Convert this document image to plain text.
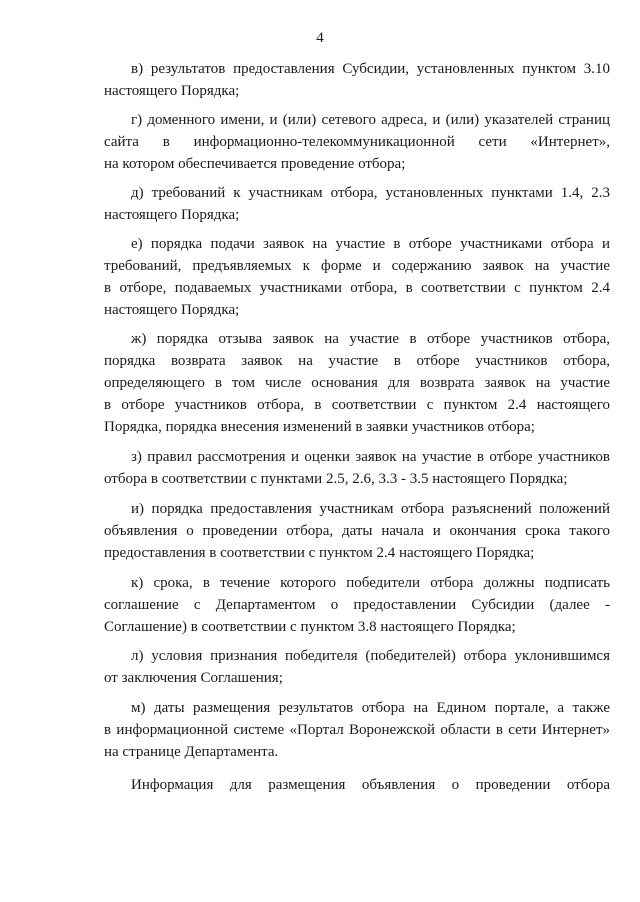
4
в) результатов предоставления Субсидии, установленных пунктом 3.10
настоящего Порядка;
г) доменного имени, и (или) сетевого адреса, и (или) указателей страниц
сайта в информационно-телекоммуникационной сети «Интернет»,
на котором обеспечивается проведение отбора;
д) требований к участникам отбора, установленных пунктами 1.4, 2.3
настоящего Порядка;
е) порядка подачи заявок на участие в отборе участниками отбора и
требований, предъявляемых к форме и содержанию заявок на участие
в отборе, подаваемых участниками отбора, в соответствии с пунктом 2.4
настоящего Порядка;
ж) порядка отзыва заявок на участие в отборе участников отбора,
порядка возврата заявок на участие в отборе участников отбора,
определяющего в том числе основания для возврата заявок на участие
в отборе участников отбора, в соответствии с пунктом 2.4 настоящего
Порядка, порядка внесения изменений в заявки участников отбора;
з) правил рассмотрения и оценки заявок на участие в отборе участников
отбора в соответствии с пунктами 2.5, 2.6, 3.3 - 3.5 настоящего Порядка;
и) порядка предоставления участникам отбора разъяснений положений
объявления о проведении отбора, даты начала и окончания срока такого
предоставления в соответствии с пунктом 2.4 настоящего Порядка;
к) срока, в течение которого победители отбора должны подписать
соглашение с Департаментом о предоставлении Субсидии (далее -
Соглашение) в соответствии с пунктом 3.8 настоящего Порядка;
л) условия признания победителя (победителей) отбора уклонившимся
от заключения Соглашения;
м) даты размещения результатов отбора на Едином портале, а также
в информационной системе «Портал Воронежской области в сети Интернет»
на странице Департамента.
Информация для размещения объявления о проведении отбора
